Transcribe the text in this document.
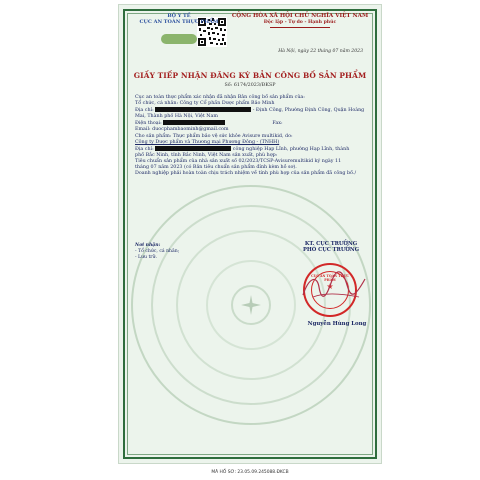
BỘ Y TẾ
CỤC AN TOÀN THỰC PHẨM
CỘNG HÒA XÃ HỘI CHỦ NGHĨA VIỆT NAM
Độc lập - Tự do - Hạnh phúc
Hà Nội, ngày 22 tháng 07 năm 2023
GIẤY TIẾP NHẬN ĐĂNG KÝ BẢN CÔNG BỐ SẢN PHẨM
Số: 6174/2023/ĐKSP
Cục an toàn thực phẩm xác nhận đã nhận Bản công bố sản phẩm của:
Tổ chức, cá nhân: Công ty Cổ phần Dược phẩm Bảo Minh
Địa chỉ:	- Định Công, Phường Định Công, Quận Hoàng
Mai, Thành phố Hà Nội, Việt Nam
Điện thoại:	Fax:
Email: duocphambaominh@gmail.com
Cho sản phẩm: Thực phẩm bảo vệ sức khỏe Avisure multikid, do:
Công ty Dược phẩm và Thương mại Phương Đông - (TNHH)
Địa chỉ:	công nghiệp Hạp Lĩnh, phường Hạp Lĩnh, thành
phố Bắc Ninh, tỉnh Bắc Ninh, Việt Nam sản xuất, phù hợp:
Tiêu chuẩn sản phẩm của nhà sản xuất số 02/2023/TCSP-Avisuremultikid ký ngày 11
tháng 07 năm 2023 (có Bản tiêu chuẩn sản phẩm đính kèm hồ sơ).
Doanh nghiệp phải hoàn toàn chịu trách nhiệm về tính phù hợp của sản phẩm đã công bố./
Nơi nhận:
- Tổ chức, cá nhân;
- Lưu trữ.
KT. CỤC TRƯỞNG
PHÓ CỤC TRƯỞNG
CỤC AN TOÀN THỰC PHẨM
★
Nguyễn Hùng Long
MÃ HỒ SƠ: 23.05.09.245088.ĐKCB
